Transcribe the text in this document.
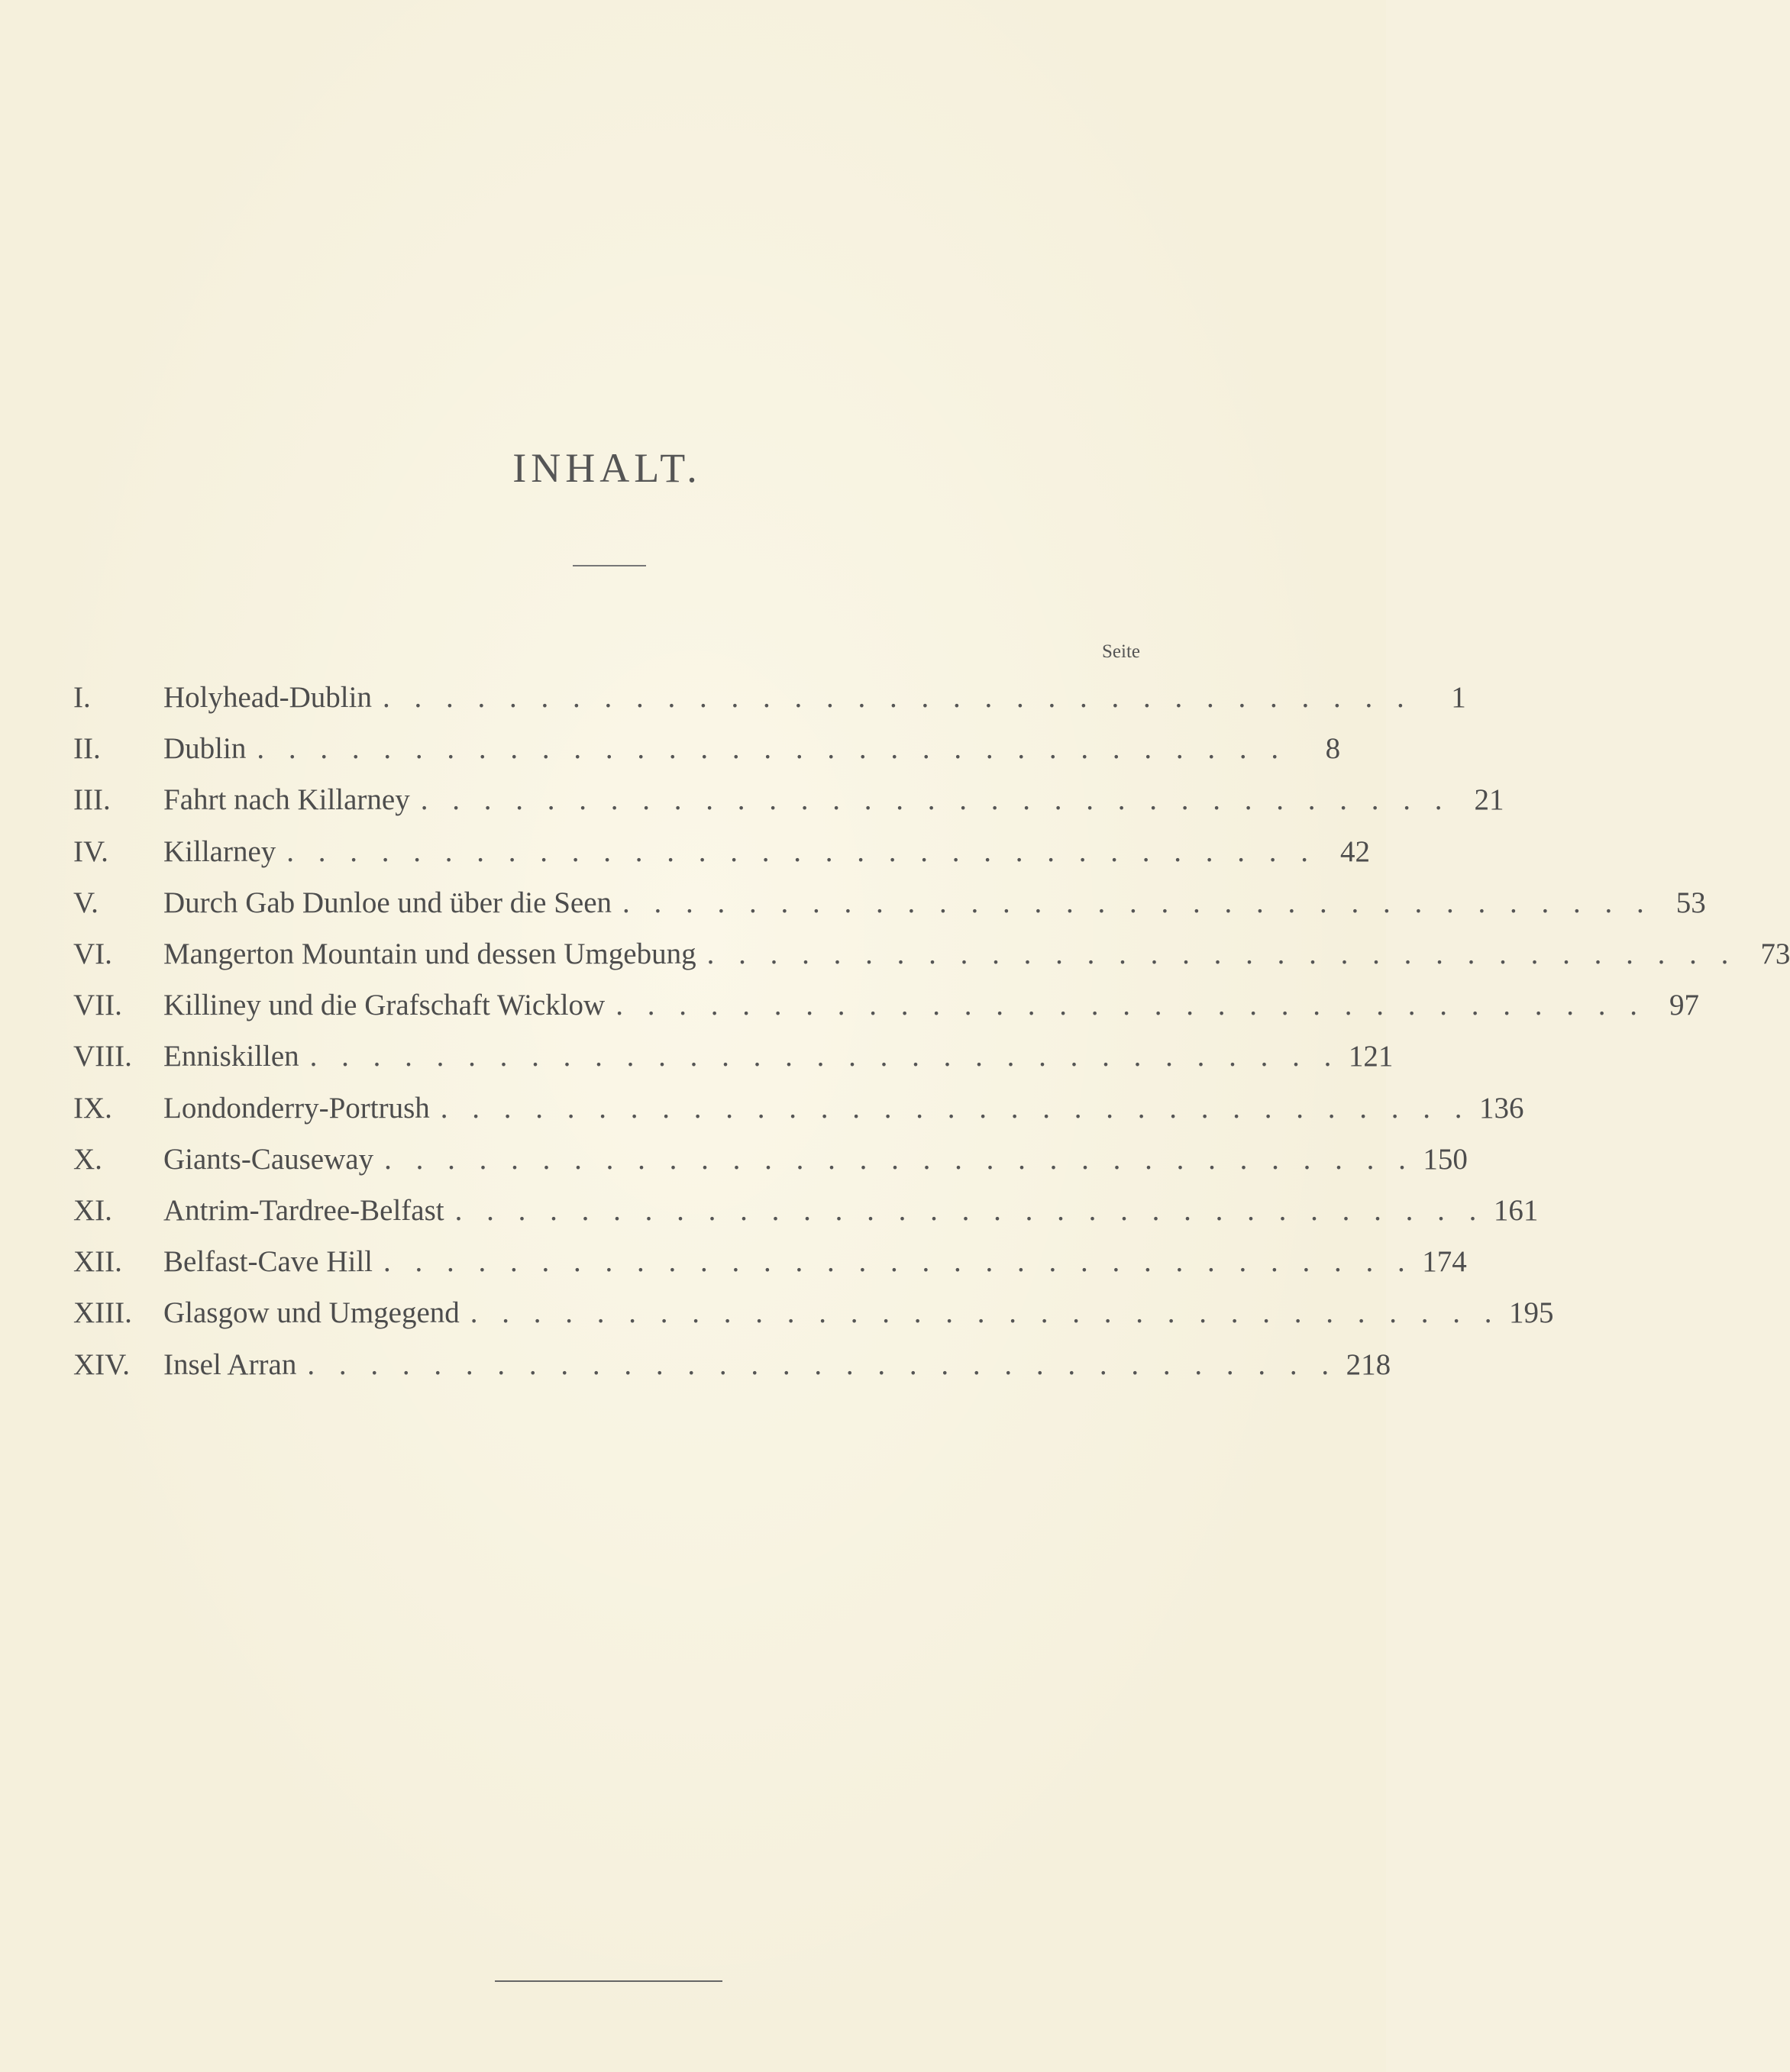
INHALT.
Seite
I.	Holyhead-Dublin . . . . . . . . . . . . . . . . . . . . . . . . . . . . . . . . .	1
II.	Dublin . . . . . . . . . . . . . . . . . . . . . . . . . . . . . . . . .	8
III.	Fahrt nach Killarney . . . . . . . . . . . . . . . . . . . . . . . . . . . . . . . . . 21
IV.	Killarney . . . . . . . . . . . . . . . . . . . . . . . . . . . . . . . . . 42
V.	Durch Gab Dunloe und über die Seen . . . . . . . . . . . . . . . . . . . . . . . . . . . . . . . . . 53
VI.	Mangerton Mountain und dessen Umgebung . . . . . . . . . . . . . . . . . . . . . . . . . . . . . . . . . 73
VII.	Killiney und die Grafschaft Wicklow . . . . . . . . . . . . . . . . . . . . . . . . . . . . . . . . . 97
VIII.	Enniskillen . . . . . . . . . . . . . . . . . . . . . . . . . . . . . . . . . 121
IX.	Londonderry-Portrush . . . . . . . . . . . . . . . . . . . . . . . . . . . . . . . . . 136
X.	Giants-Causeway . . . . . . . . . . . . . . . . . . . . . . . . . . . . . . . . . 150
XI.	Antrim-Tardree-Belfast . . . . . . . . . . . . . . . . . . . . . . . . . . . . . . . . . 161
XII.	Belfast-Cave Hill . . . . . . . . . . . . . . . . . . . . . . . . . . . . . . . . . 174
XIII.	Glasgow und Umgegend . . . . . . . . . . . . . . . . . . . . . . . . . . . . . . . . . 195
XIV.	Insel Arran . . . . . . . . . . . . . . . . . . . . . . . . . . . . . . . . . 218
